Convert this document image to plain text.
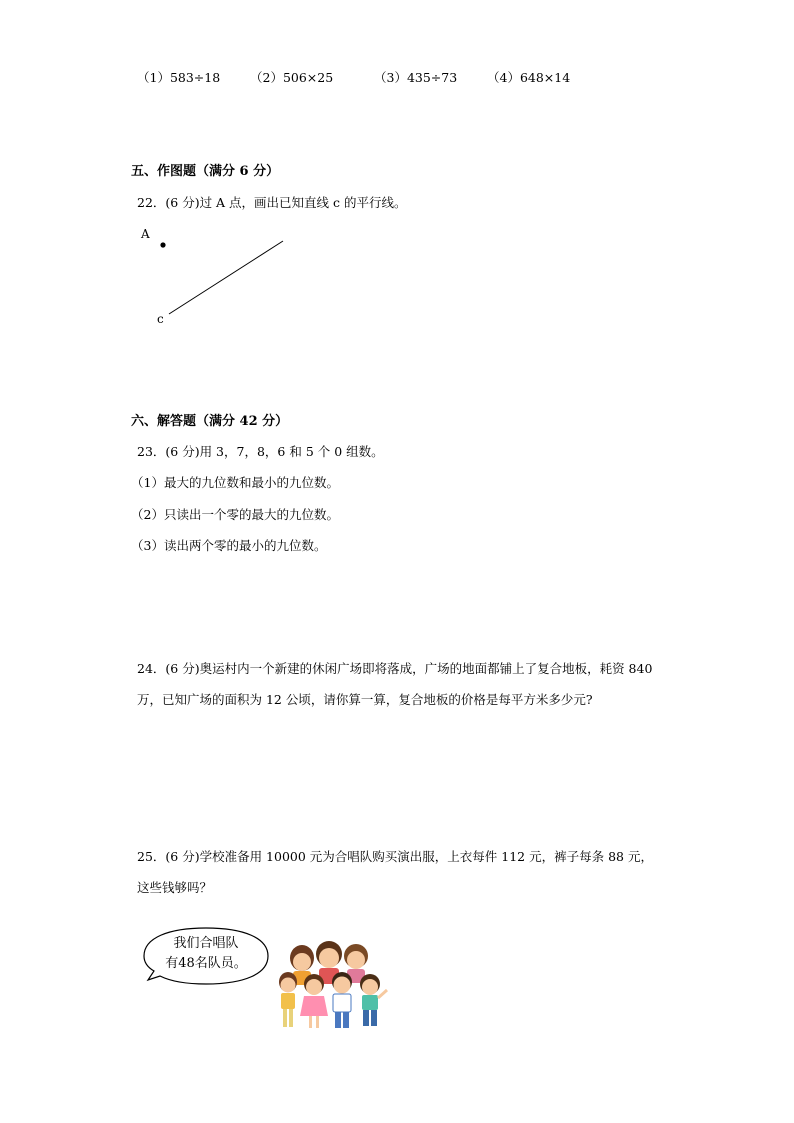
（1）583÷18 （2）506×25	（3）435÷73 （4）648×14
五、作图题（满分 6 分）
22．(6 分)过 A 点，画出已知直线 c 的平行线。
A
c
六、解答题（满分 42 分）
23．(6 分)用 3，7，8，6 和 5 个 0 组数。
（1）最大的九位数和最小的九位数。
（2）只读出一个零的最大的九位数。
（3）读出两个零的最小的九位数。
24．(6 分)奥运村内一个新建的休闲广场即将落成，广场的地面都铺上了复合地板，耗资 840 万，已知广场的面积为 12 公顷，请你算一算，复合地板的价格是每平方米多少元?
25．(6 分)学校准备用 10000 元为合唱队购买演出服，上衣每件 112 元，裤子每条 88 元，这些钱够吗？
我们合唱队
有48名队员。
